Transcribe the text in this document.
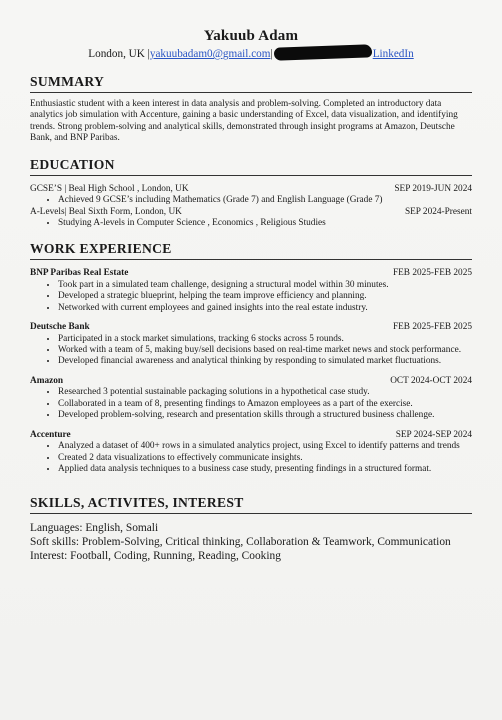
Yakuub Adam
London, UK |yakuubadam0@gmail.com|	LinkedIn
SUMMARY
Enthusiastic student with a keen interest in data analysis and problem-solving. Completed an introductory data analytics job simulation with Accenture, gaining a basic understanding of Excel, data visualization, and identifying trends. Strong problem-solving and analytical skills, demonstrated through insight programs at Amazon, Deutsche Bank, and BNP Paribas.
EDUCATION
GCSE’S | Beal High School , London, UK	SEP 2019-JUN 2024
• Achieved 9 GCSE’s including Mathematics (Grade 7) and English Language (Grade 7)
A-Levels| Beal Sixth Form, London, UK	SEP 2024-Present
• Studying A-levels in Computer Science , Economics , Religious Studies
WORK EXPERIENCE
BNP Paribas Real Estate	FEB 2025-FEB 2025
• Took part in a simulated team challenge, designing a structural model within 30 minutes.
• Developed a strategic blueprint, helping the team improve efficiency and planning.
• Networked with current employees and gained insights into the real estate industry.
Deutsche Bank	FEB 2025-FEB 2025
• Participated in a stock market simulations, tracking 6 stocks across 5 rounds.
• Worked with a team of 5, making buy/sell decisions based on real-time market news and stock performance.
• Developed financial awareness and analytical thinking by responding to simulated market fluctuations.
Amazon	OCT 2024-OCT 2024
• Researched 3 potential sustainable packaging solutions in a hypothetical case study.
• Collaborated in a team of 8, presenting findings to Amazon employees as a part of the exercise.
• Developed problem-solving, research and presentation skills through a structured business challenge.
Accenture	SEP 2024-SEP 2024
• Analyzed a dataset of 400+ rows in a simulated analytics project, using Excel to identify patterns and trends
• Created 2 data visualizations to effectively communicate insights.
• Applied data analysis techniques to a business case study, presenting findings in a structured format.
SKILLS, ACTIVITES, INTEREST
Languages: English, Somali
Soft skills: Problem-Solving, Critical thinking, Collaboration & Teamwork, Communication
Interest: Football, Coding, Running, Reading, Cooking
